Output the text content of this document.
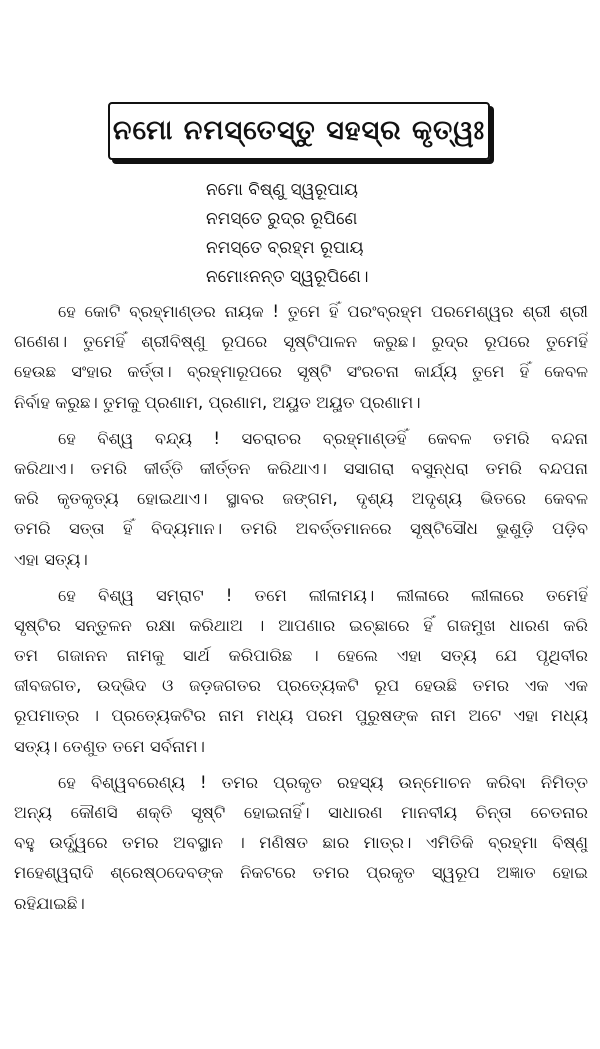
ନମୋ ନମସ୍ତେସ୍ତୁ ସହସ୍ର କୃତ୍ୱଃ
ନମୋ ବିଷ୍ଣୁ ସ୍ୱରୂପାୟ
ନମସ୍ତେ ରୁଦ୍ର ରୂପିଣେ
ନମସ୍ତେ ବ୍ରହ୍ମ ରୂପାୟ
ନମୋଽନନ୍ତ ସ୍ୱରୂପିଣେ।
ହେ କୋଟି ବ୍ରହ୍ମାଣ୍ଡର ନାୟକ ! ତୁମେ ହିଁ ପରଂବ୍ରହ୍ମ ପରମେଶ୍ୱର ଶ୍ରୀ ଶ୍ରୀ
ଗଣେଶ। ତୁମେହିଁ ଶ୍ରୀବିଷ୍ଣୁ ରୂପରେ ସୃଷ୍ଟିପାଳନ କରୁଛ। ରୁଦ୍ର ରୂପରେ ତୁମେହିଁ
ହେଉଛ ସଂହାର କର୍ତ୍ତା। ବ୍ରହ୍ମାରୂପରେ ସୃଷ୍ଟି ସଂରଚନା କାର୍ଯ୍ୟ ତୁମେ ହିଁ କେବଳ
ନିର୍ବାହ କରୁଛ। ତୁମକୁ ପ୍ରଣାମ, ପ୍ରଣାମ, ଅୟୁତ ଅୟୁତ ପ୍ରଣାମ।
ହେ ବିଶ୍ୱ ବନ୍ଦ୍ୟ ! ସଚରାଚର ବ୍ରହ୍ମାଣ୍ଡହିଁ କେବଳ ତମରି ବନ୍ଦନା
କରିଥାଏ। ତମରି କୀର୍ତ୍ତି କୀର୍ତ୍ତନ କରିଥାଏ। ସସାଗରା ବସୁନ୍ଧରା ତମରି ବନ୍ଦପନା
କରି କୃତକୃତ୍ୟ ହୋଇଥାଏ। ସ୍ଥାବର ଜଙ୍ଗମ, ଦୃଶ୍ୟ ଅଦୃଶ୍ୟ ଭିତରେ କେବଳ
ତମରି ସତ୍ତା ହିଁ ବିଦ୍ୟମାନ। ତମରି ଅବର୍ତ୍ତମାନରେ ସୃଷ୍ଟିସୌଧ ଭୁଶୁଡ଼ି ପଡ଼ିବ
ଏହା ସତ୍ୟ।
ହେ ବିଶ୍ୱ ସମ୍ରାଟ ! ତମେ ଲୀଳାମୟ। ଲୀଳାରେ ଲୀଳାରେ ତମେହିଁ
ସୃଷ୍ଟିର ସନ୍ତୁଳନ ରକ୍ଷା କରିଥାଅ । ଆପଣାର ଇଚ୍ଛାରେ ହିଁ ଗଜମୁଖ ଧାରଣ କରି
ତମ ଗଜାନନ ନାମକୁ ସାର୍ଥ କରିପାରିଛ । ହେଲେ ଏହା ସତ୍ୟ ଯେ ପୃଥିବୀର
ଜୀବଜଗତ, ଉଦ୍ଭିଦ ଓ ଜଡ଼ଜଗତର ପ୍ରତ୍ୟେକଟି ରୂପ ହେଉଛି ତମର ଏକ ଏକ
ରୂପମାତ୍ର । ପ୍ରତ୍ୟେକଟିର ନାମ ମଧ୍ୟ ପରମ ପୁରୁଷଙ୍କ ନାମ ଅଟେ ଏହା ମଧ୍ୟ
ସତ୍ୟ। ତେଣୁତ ତମେ ସର୍ବନାମ।
ହେ ବିଶ୍ୱବରେଣ୍ୟ ! ତମର ପ୍ରକୃତ ରହସ୍ୟ ଉନ୍ମୋଚନ କରିବା ନିମିତ୍ତ
ଅନ୍ୟ କୌଣସି ଶକ୍ତି ସୃଷ୍ଟି ହୋଇନାହିଁ। ସାଧାରଣ ମାନବୀୟ ଚିନ୍ତା ଚେତନାର
ବହୁ ଉର୍ଦ୍ଧ୍ୱରେ ତମର ଅବସ୍ଥାନ । ମଣିଷତ ଛାର ମାତ୍ର। ଏମିତିକି ବ୍ରହ୍ମା ବିଷ୍ଣୁ
ମହେଶ୍ୱରାଦି ଶ୍ରେଷ୍ଠଦେବଙ୍କ ନିକଟରେ ତମର ପ୍ରକୃତ ସ୍ୱରୂପ ଅଜ୍ଞାତ ହୋଇ
ରହିଯାଇଛି।
